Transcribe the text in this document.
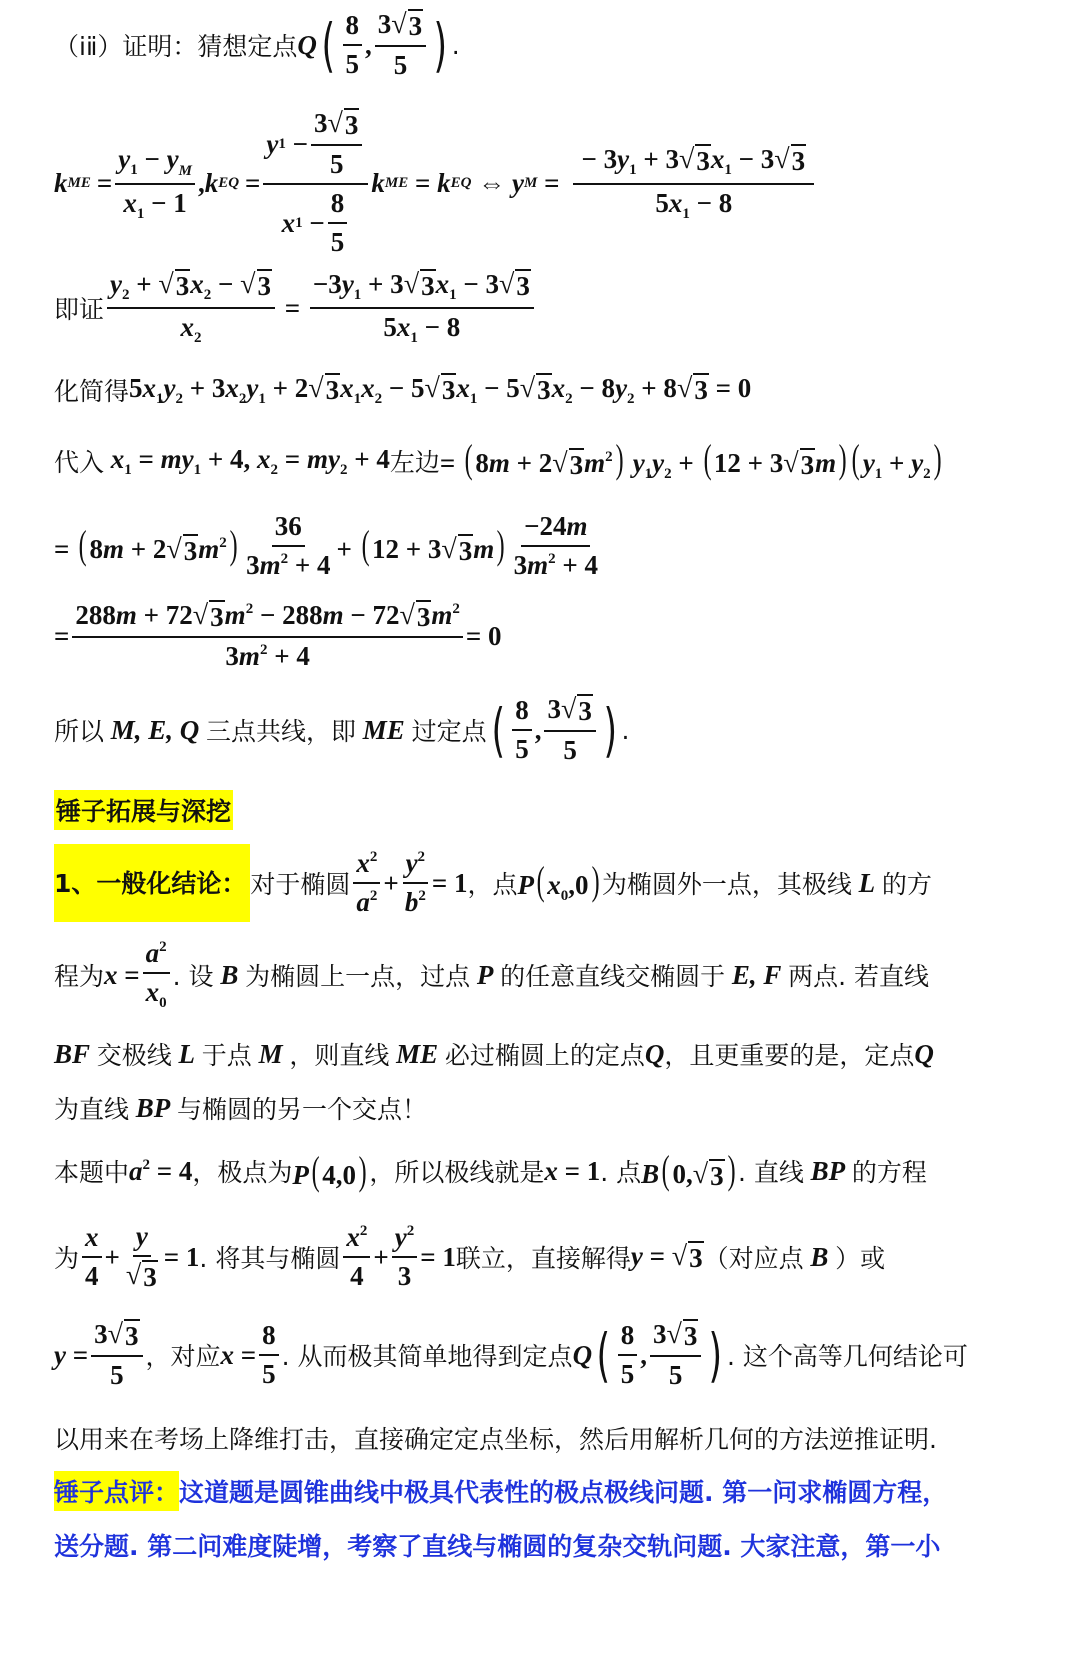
（ⅰⅱ）证明：猜想定点 Q ( $\frac{8}{5}$ , $\frac{3 √ 3}{5}$ ) .
k ME = $\frac{y_1 - y_M}{x_1 - 1}$ , k EQ = $\frac{y 1 - \frac{3 √ 3}{5}}{x 1 - \frac{8}{5}}$ k ME = k EQ ⇔ y $M = \frac{- 3y_1 + 3 √ 3 x_1 - 3 √ 3}{5x_1 - 8}$
即证 $\frac{y_2 + √ 3 x_2 - √ 3}{x_2} = \frac{-3y_1 + 3 √ 3 x_1 - 3 √ 3}{5x_1 - 8}$
化简得 $5x_1y_2 + 3x_2y_1 + 2$ √ 3 $x_1x_2 - 5$ √ 3 $x_1 - 5$ √ 3 $x_2 - 8y_2 + 8$ √ 3 = 0
代入 $x_1 = my_1 + 4$, $x_2 = my_2 + 4$ 左边 = (8m + 2 √ 3 $m^2$) $y_1y_2 + (12 + 3$ √ 3 m) $(y_1 + y_2)$
= (8m + 2 √ 3 $m^2) \frac{36}{3m^2 + 4} + (12 + 3$ √ 3 $m) \frac{-24m}{3m^2 + 4}$
= $\frac{288m + 72 √ 3 m^2 - 288m - 72 √ 3 m^2}{3m^2 + 4} = 0$
所以 M, E, Q 三点共线，即 ME 过定点 ( $\frac{8}{5}$ , $\frac{3 √ 3}{5}$ ) .
锤子拓展与深挖
1、一般化结论： 对于椭圆 $\frac{x^2}{a^2} + \frac{y^2}{b^2} = 1$ ，点 $P(x_0,0)$ 为椭圆外一点，其极线 L 的方
程为 $x = \frac{a^2}{x_0}$ . 设 B 为椭圆上一点，过点 P 的任意直线交椭圆于 E, F 两点. 若直线
BF 交极线 L 于点 M ，则直线 ME 必过椭圆上的定点 Q ，且更重要的是，定点 Q
为直线 BP 与椭圆的另一个交点！
本题中 $a^2 = 4$ ，极点为 P(4,0) ，所以极线就是 x = 1 . 点 B(0, √ 3 ) . 直线 BP 的方程
为 $\frac{x}{4} + \frac{y}{√ 3} = 1$ . 将其与椭圆 $\frac{x^2}{4} + \frac{y^2}{3} = 1$ 联立，直接解得 y = √ 3 （对应点 B ）或
$y = \frac{3 √ 3}{5}$ ，对应 $x = \frac{8}{5}$ . 从而极其简单地得到定点 Q ( $\frac{8}{5}$ , $\frac{3 √ 3}{5}$ ) . 这个高等几何结论可
以用来在考场上降维打击，直接确定定点坐标，然后用解析几何的方法逆推证明.
锤子点评： 这道题是圆锥曲线中极具代表性的极点极线问题. 第一问求椭圆方程，
送分题. 第二问难度陡增，考察了直线与椭圆的复杂交轨问题. 大家注意，第一小
